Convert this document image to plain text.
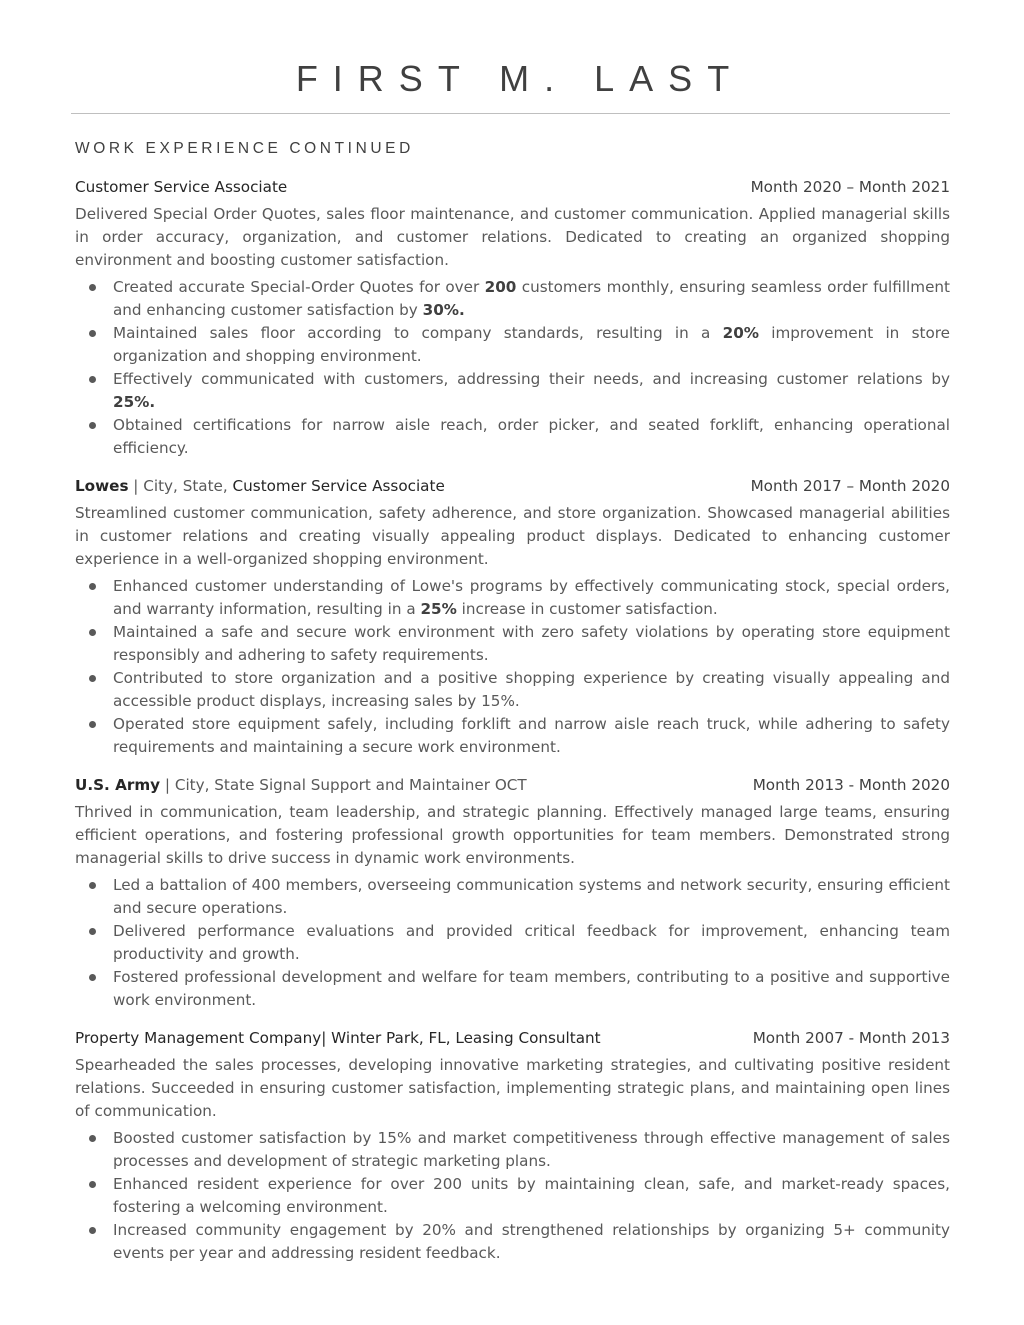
FIRST M. LAST
WORK EXPERIENCE CONTINUED
Customer Service Associate	Month 2020 – Month 2021
Delivered Special Order Quotes, sales floor maintenance, and customer communication. Applied managerial skills in order accuracy, organization, and customer relations. Dedicated to creating an organized shopping environment and boosting customer satisfaction.
Created accurate Special-Order Quotes for over 200 customers monthly, ensuring seamless order fulfillment and enhancing customer satisfaction by 30%.
Maintained sales floor according to company standards, resulting in a 20% improvement in store organization and shopping environment.
Effectively communicated with customers, addressing their needs, and increasing customer relations by 25%.
Obtained certifications for narrow aisle reach, order picker, and seated forklift, enhancing operational efficiency.
Lowes | City, State, Customer Service Associate	Month 2017 – Month 2020
Streamlined customer communication, safety adherence, and store organization. Showcased managerial abilities in customer relations and creating visually appealing product displays. Dedicated to enhancing customer experience in a well-organized shopping environment.
Enhanced customer understanding of Lowe's programs by effectively communicating stock, special orders, and warranty information, resulting in a 25% increase in customer satisfaction.
Maintained a safe and secure work environment with zero safety violations by operating store equipment responsibly and adhering to safety requirements.
Contributed to store organization and a positive shopping experience by creating visually appealing and accessible product displays, increasing sales by 15%.
Operated store equipment safely, including forklift and narrow aisle reach truck, while adhering to safety requirements and maintaining a secure work environment.
U.S. Army | City, State Signal Support and Maintainer OCT	Month 2013 - Month 2020
Thrived in communication, team leadership, and strategic planning. Effectively managed large teams, ensuring efficient operations, and fostering professional growth opportunities for team members. Demonstrated strong managerial skills to drive success in dynamic work environments.
Led a battalion of 400 members, overseeing communication systems and network security, ensuring efficient and secure operations.
Delivered performance evaluations and provided critical feedback for improvement, enhancing team productivity and growth.
Fostered professional development and welfare for team members, contributing to a positive and supportive work environment.
Property Management Company| Winter Park, FL, Leasing Consultant	Month 2007 - Month 2013
Spearheaded the sales processes, developing innovative marketing strategies, and cultivating positive resident relations. Succeeded in ensuring customer satisfaction, implementing strategic plans, and maintaining open lines of communication.
Boosted customer satisfaction by 15% and market competitiveness through effective management of sales processes and development of strategic marketing plans.
Enhanced resident experience for over 200 units by maintaining clean, safe, and market-ready spaces, fostering a welcoming environment.
Increased community engagement by 20% and strengthened relationships by organizing 5+ community events per year and addressing resident feedback.
